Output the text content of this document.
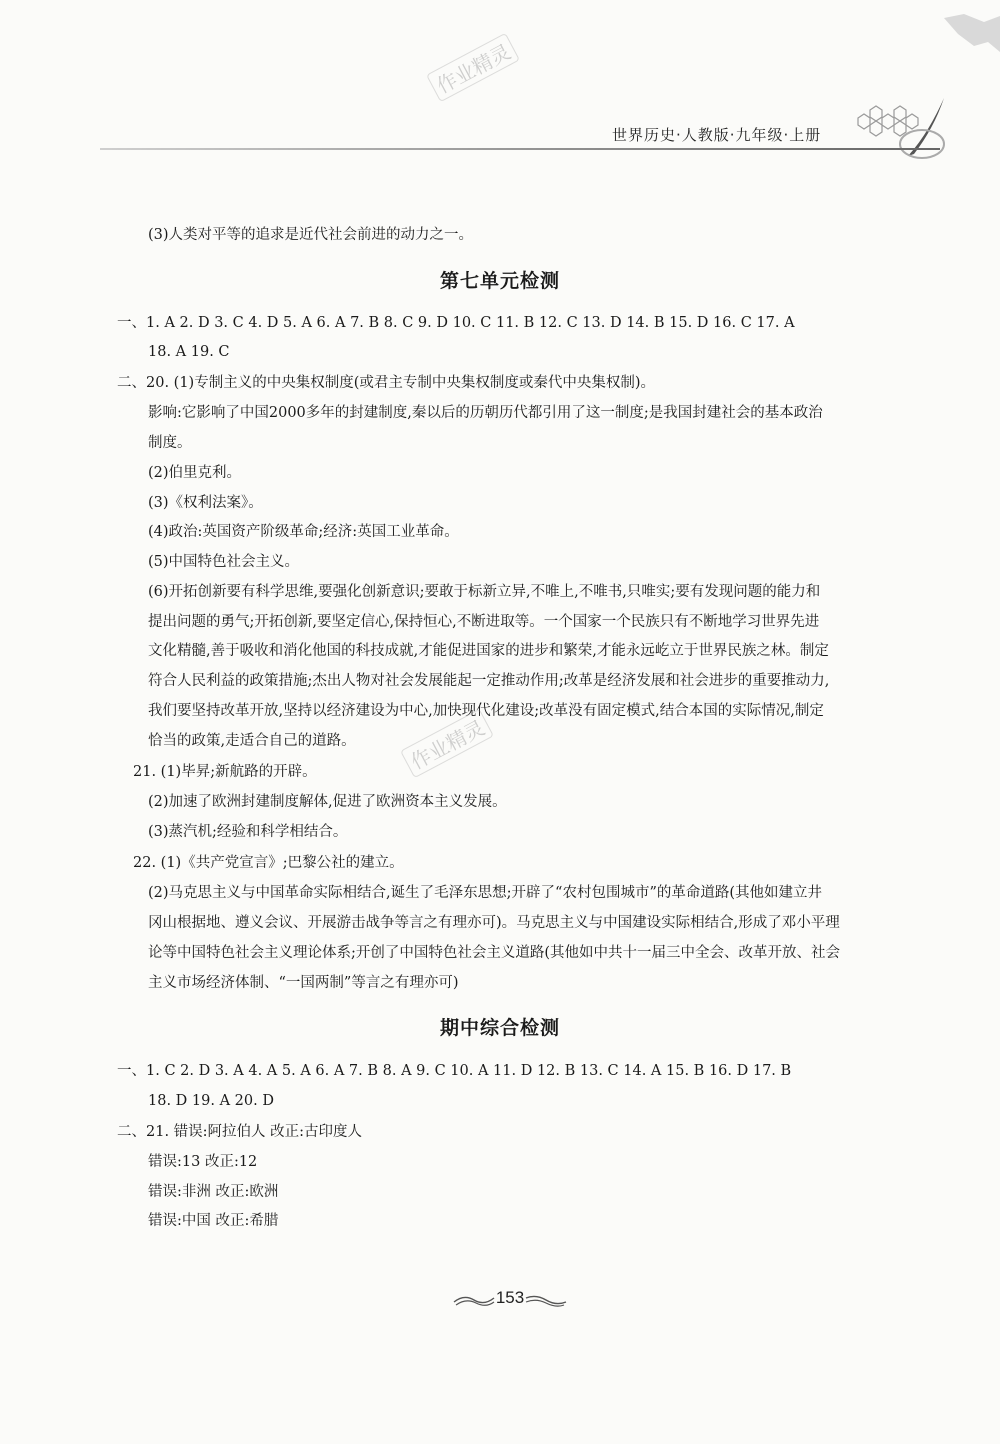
作业精灵
世界历史·人教版·九年级·上册
(3)人类对平等的追求是近代社会前进的动力之一。
第七单元检测
一、1. A 2. D 3. C 4. D 5. A 6. A 7. B 8. C 9. D 10. C 11. B 12. C 13. D 14. B 15. D 16. C 17. A
18. A 19. C
二、20. (1)专制主义的中央集权制度(或君主专制中央集权制度或秦代中央集权制)。
影响:它影响了中国2000多年的封建制度,秦以后的历朝历代都引用了这一制度;是我国封建社会的基本政治
制度。
(2)伯里克利。
(3)《权利法案》。
(4)政治:英国资产阶级革命;经济:英国工业革命。
(5)中国特色社会主义。
(6)开拓创新要有科学思维,要强化创新意识;要敢于标新立异,不唯上,不唯书,只唯实;要有发现问题的能力和
提出问题的勇气;开拓创新,要坚定信心,保持恒心,不断进取等。一个国家一个民族只有不断地学习世界先进
文化精髓,善于吸收和消化他国的科技成就,才能促进国家的进步和繁荣,才能永远屹立于世界民族之林。制定
符合人民利益的政策措施;杰出人物对社会发展能起一定推动作用;改革是经济发展和社会进步的重要推动力,
我们要坚持改革开放,坚持以经济建设为中心,加快现代化建设;改革没有固定模式,结合本国的实际情况,制定
恰当的政策,走适合自己的道路。	作业精灵
21. (1)毕昇;新航路的开辟。
(2)加速了欧洲封建制度解体,促进了欧洲资本主义发展。
(3)蒸汽机;经验和科学相结合。
22. (1)《共产党宣言》;巴黎公社的建立。
(2)马克思主义与中国革命实际相结合,诞生了毛泽东思想;开辟了“农村包围城市”的革命道路(其他如建立井
冈山根据地、遵义会议、开展游击战争等言之有理亦可)。马克思主义与中国建设实际相结合,形成了邓小平理
论等中国特色社会主义理论体系;开创了中国特色社会主义道路(其他如中共十一届三中全会、改革开放、社会
主义市场经济体制、“一国两制”等言之有理亦可)
期中综合检测
一、1. C 2. D 3. A 4. A 5. A 6. A 7. B 8. A 9. C 10. A 11. D 12. B 13. C 14. A 15. B 16. D 17. B
18. D 19. A 20. D
二、21. 错误:阿拉伯人 改正:古印度人
错误:13 改正:12
错误:非洲 改正:欧洲
错误:中国 改正:希腊
153
